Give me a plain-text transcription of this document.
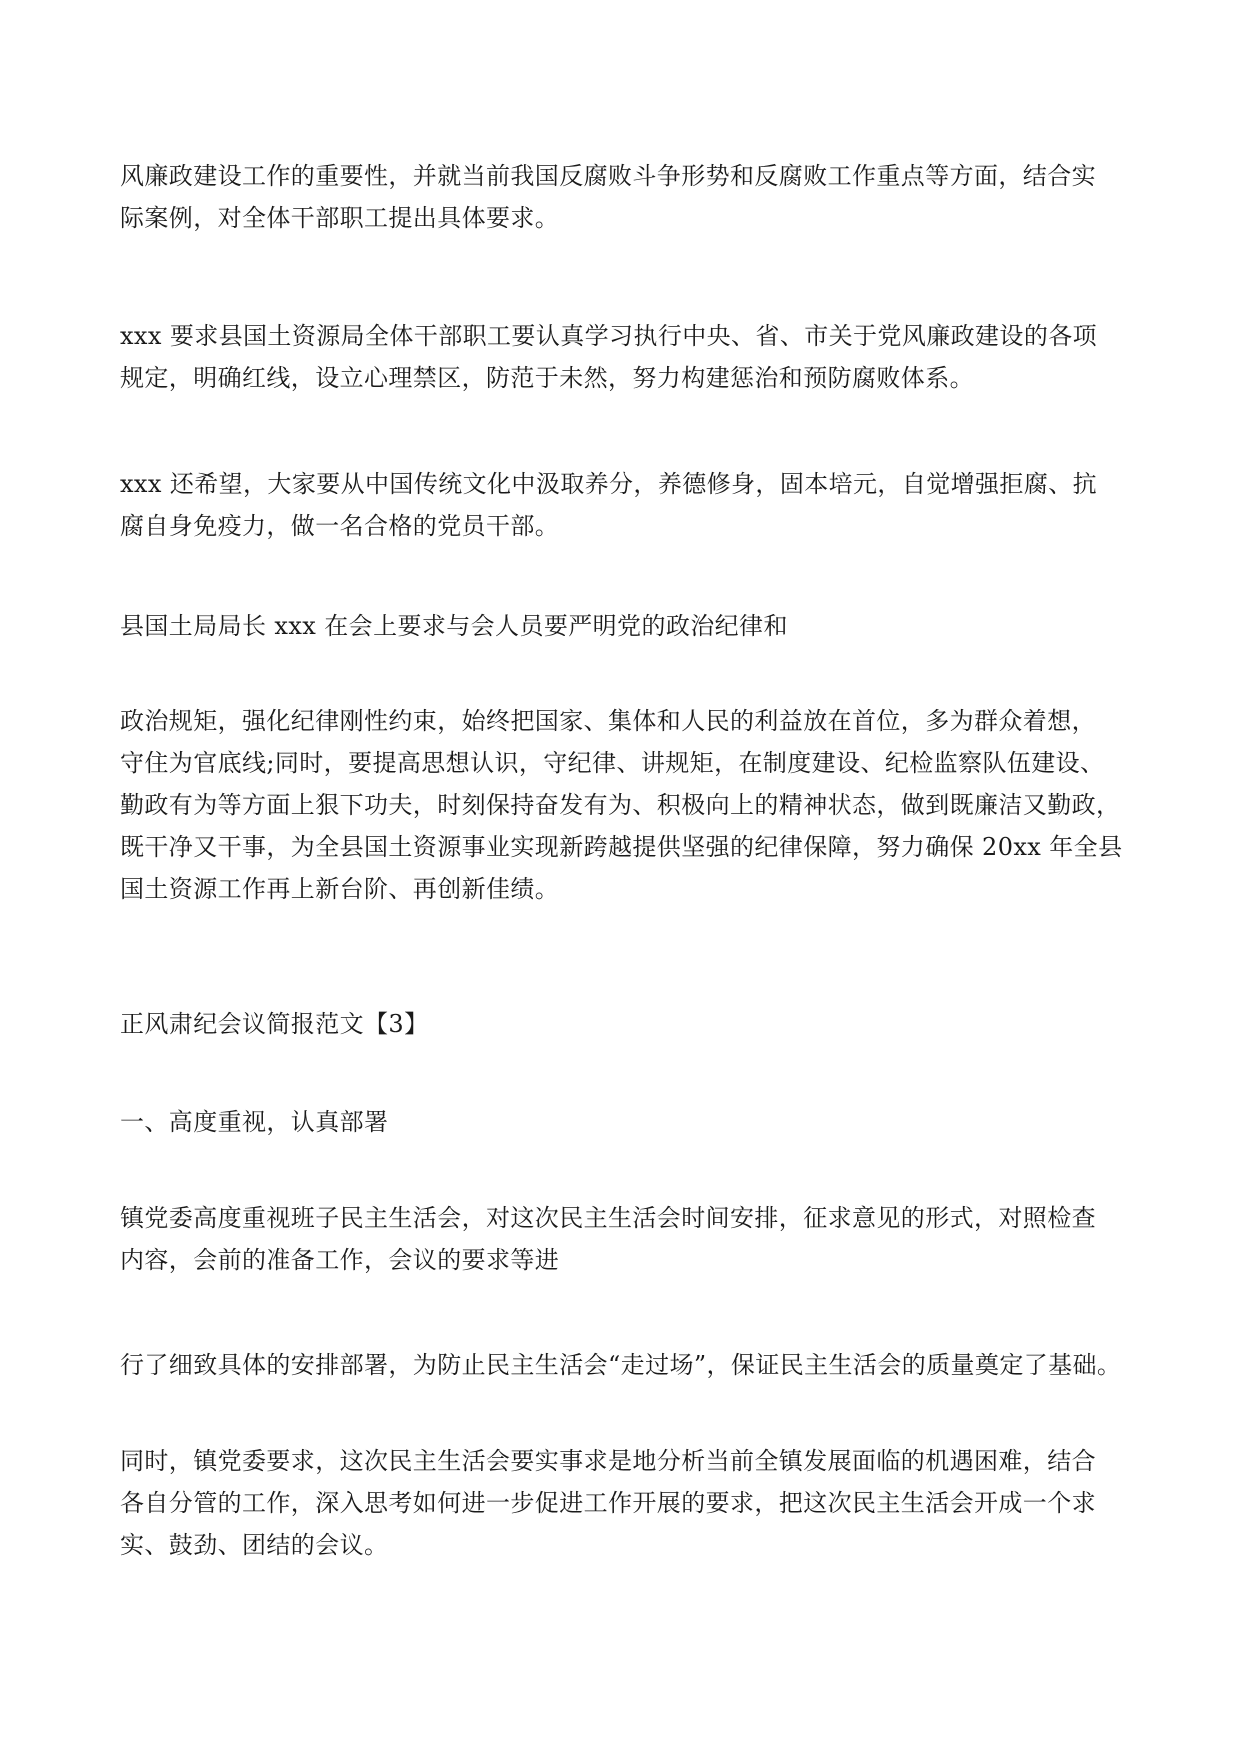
风廉政建设工作的重要性，并就当前我国反腐败斗争形势和反腐败工作重点等方面，结合实
际案例，对全体干部职工提出具体要求。

xxx 要求县国土资源局全体干部职工要认真学习执行中央、省、市关于党风廉政建设的各项
规定，明确红线，设立心理禁区，防范于未然，努力构建惩治和预防腐败体系。

xxx 还希望，大家要从中国传统文化中汲取养分，养德修身，固本培元，自觉增强拒腐、抗
腐自身免疫力，做一名合格的党员干部。

县国土局局长 xxx 在会上要求与会人员要严明党的政治纪律和

政治规矩，强化纪律刚性约束，始终把国家、集体和人民的利益放在首位，多为群众着想，
守住为官底线;同时，要提高思想认识，守纪律、讲规矩，在制度建设、纪检监察队伍建设、
勤政有为等方面上狠下功夫，时刻保持奋发有为、积极向上的精神状态，做到既廉洁又勤政，
既干净又干事，为全县国土资源事业实现新跨越提供坚强的纪律保障，努力确保 20xx 年全县
国土资源工作再上新台阶、再创新佳绩。

正风肃纪会议简报范文【3】

一、高度重视，认真部署

镇党委高度重视班子民主生活会，对这次民主生活会时间安排，征求意见的形式，对照检查
内容，会前的准备工作，会议的要求等进

行了细致具体的安排部署，为防止民主生活会“走过场”，保证民主生活会的质量奠定了基础。

同时，镇党委要求，这次民主生活会要实事求是地分析当前全镇发展面临的机遇困难，结合
各自分管的工作，深入思考如何进一步促进工作开展的要求，把这次民主生活会开成一个求
实、鼓劲、团结的会议。
